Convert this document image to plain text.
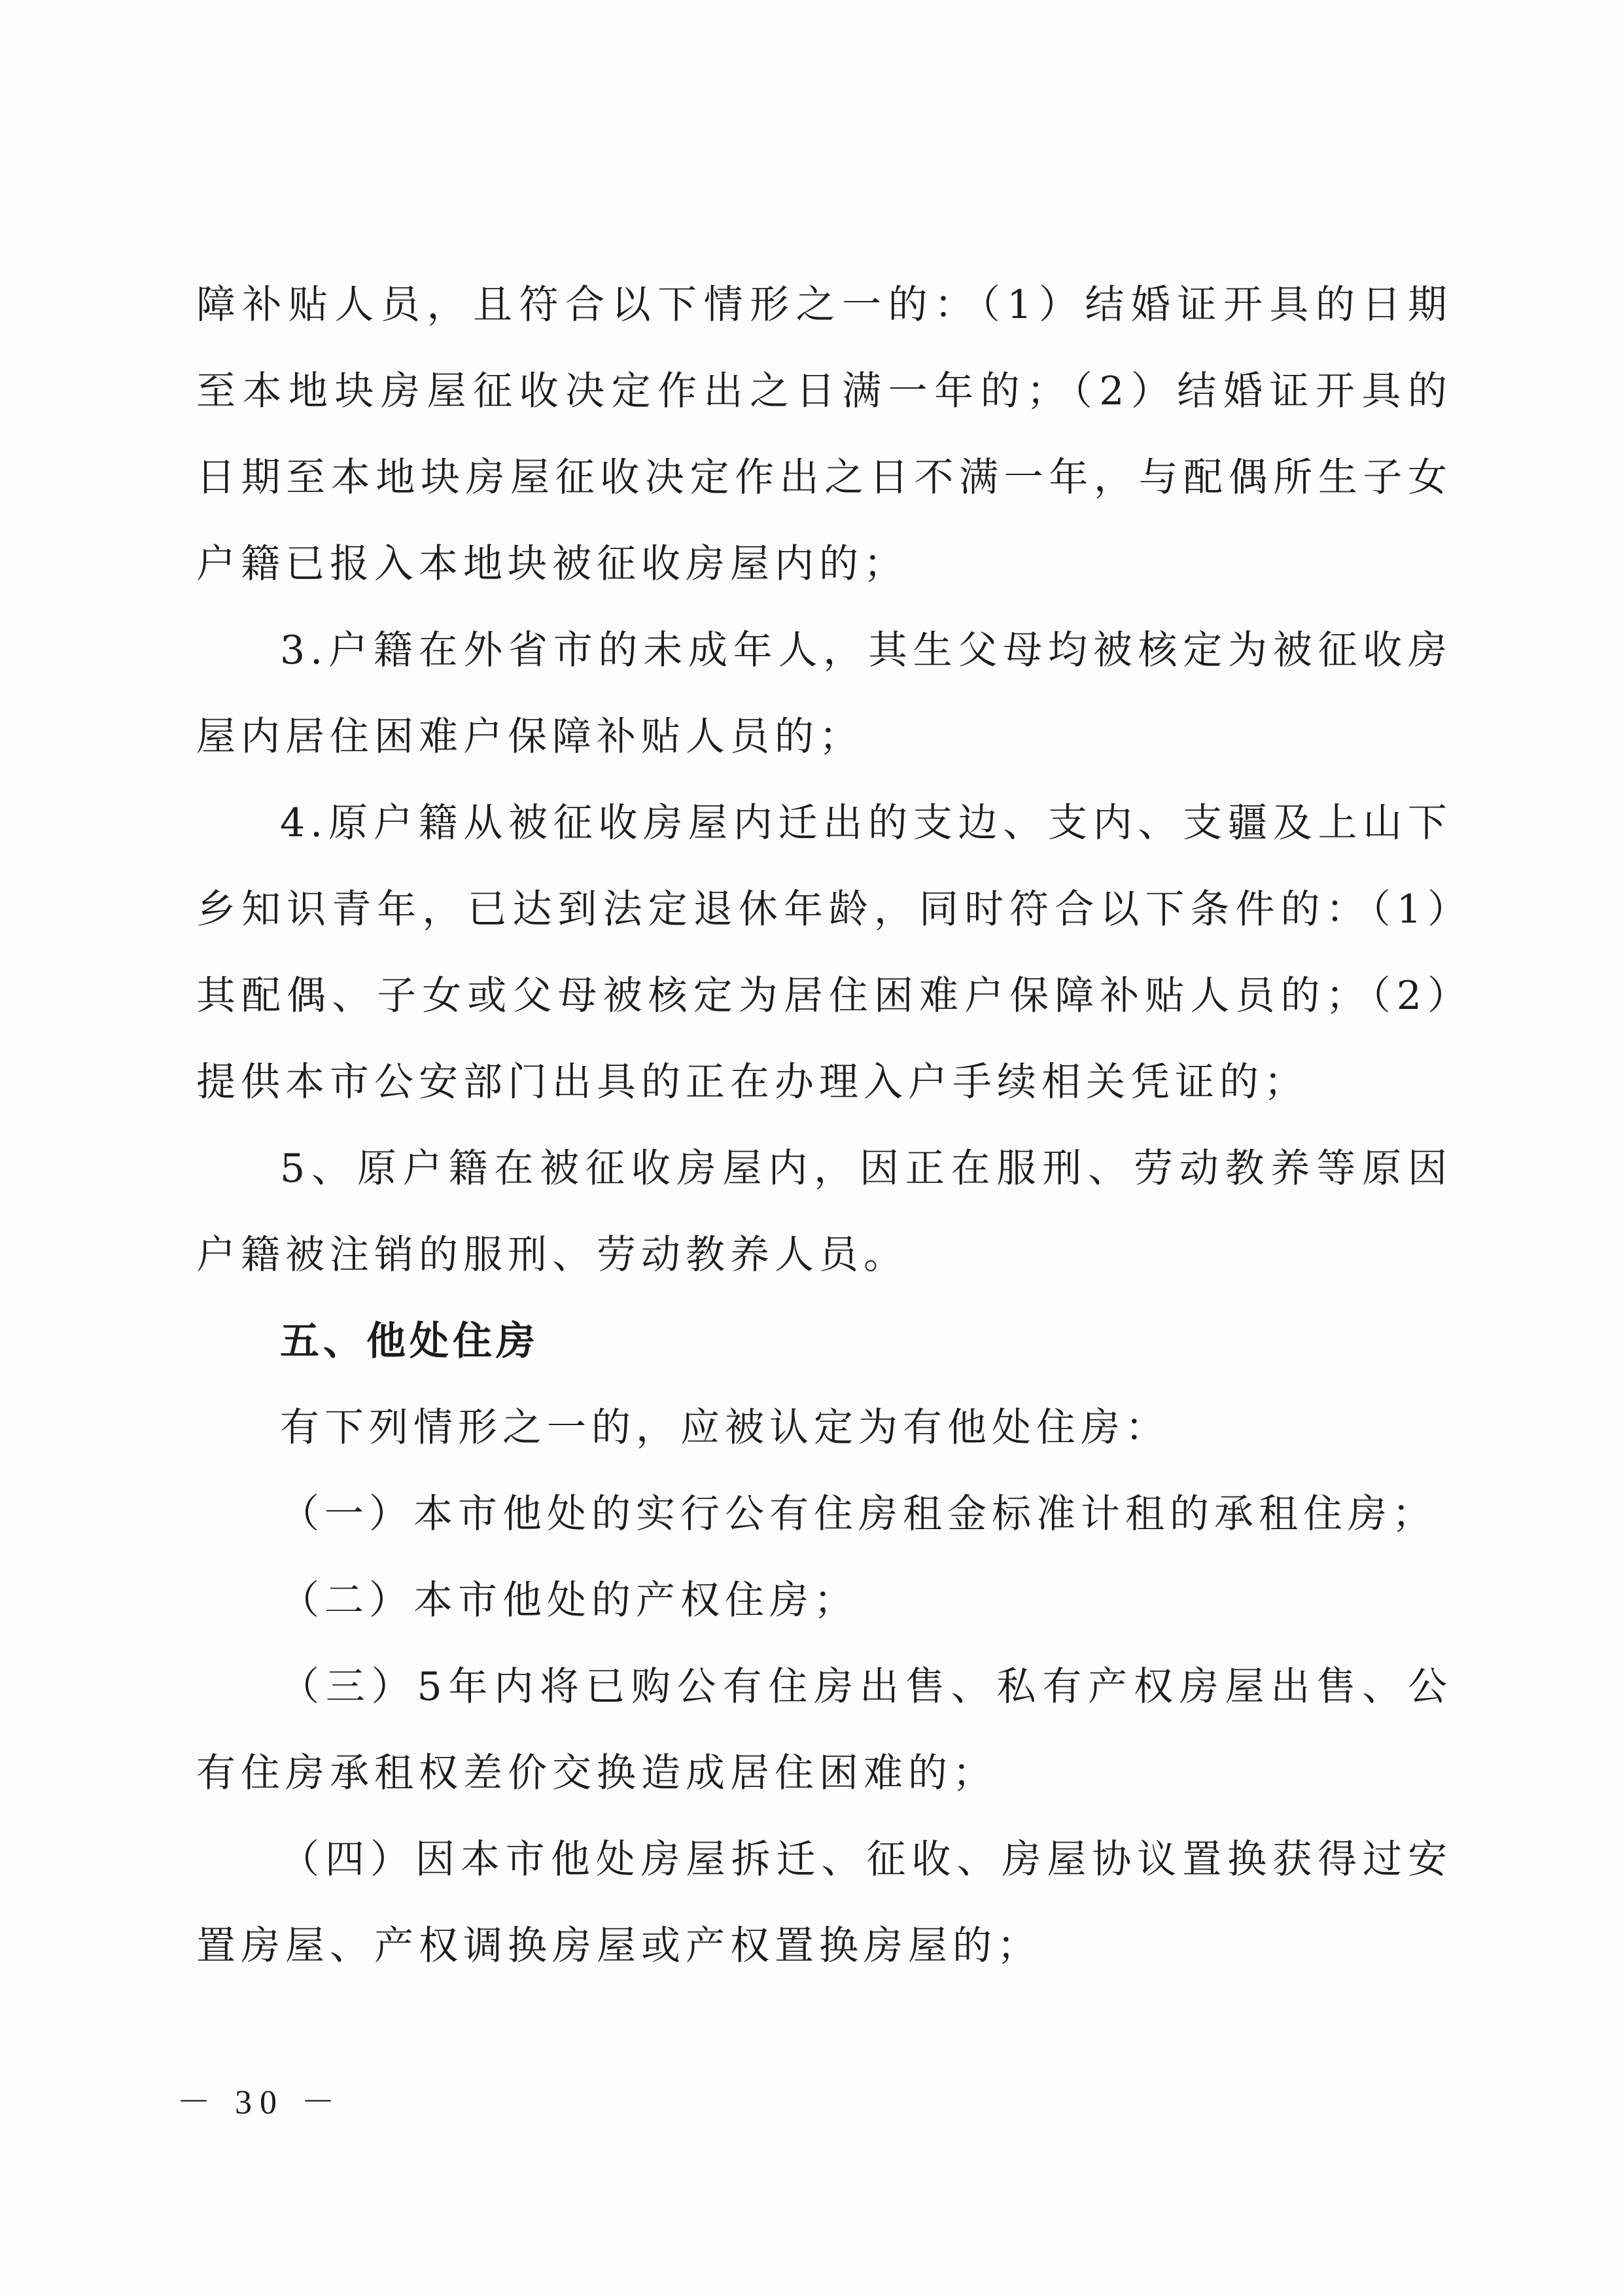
障补贴人员，且符合以下情形之一的：（1）结婚证开具的日期至本地块房屋征收决定作出之日满一年的；（2）结婚证开具的日期至本地块房屋征收决定作出之日不满一年，与配偶所生子女户籍已报入本地块被征收房屋内的；

3.户籍在外省市的未成年人，其生父母均被核定为被征收房屋内居住困难户保障补贴人员的；

4.原户籍从被征收房屋内迁出的支边、支内、支疆及上山下乡知识青年，已达到法定退休年龄，同时符合以下条件的：（1）其配偶、子女或父母被核定为居住困难户保障补贴人员的；（2）提供本市公安部门出具的正在办理入户手续相关凭证的；

5、原户籍在被征收房屋内，因正在服刑、劳动教养等原因户籍被注销的服刑、劳动教养人员。

五、他处住房

有下列情形之一的，应被认定为有他处住房：

（一）本市他处的实行公有住房租金标准计租的承租住房；

（二）本市他处的产权住房；

（三）5年内将已购公有住房出售、私有产权房屋出售、公有住房承租权差价交换造成居住困难的；

（四）因本市他处房屋拆迁、征收、房屋协议置换获得过安置房屋、产权调换房屋或产权置换房屋的；

－ 30 －
